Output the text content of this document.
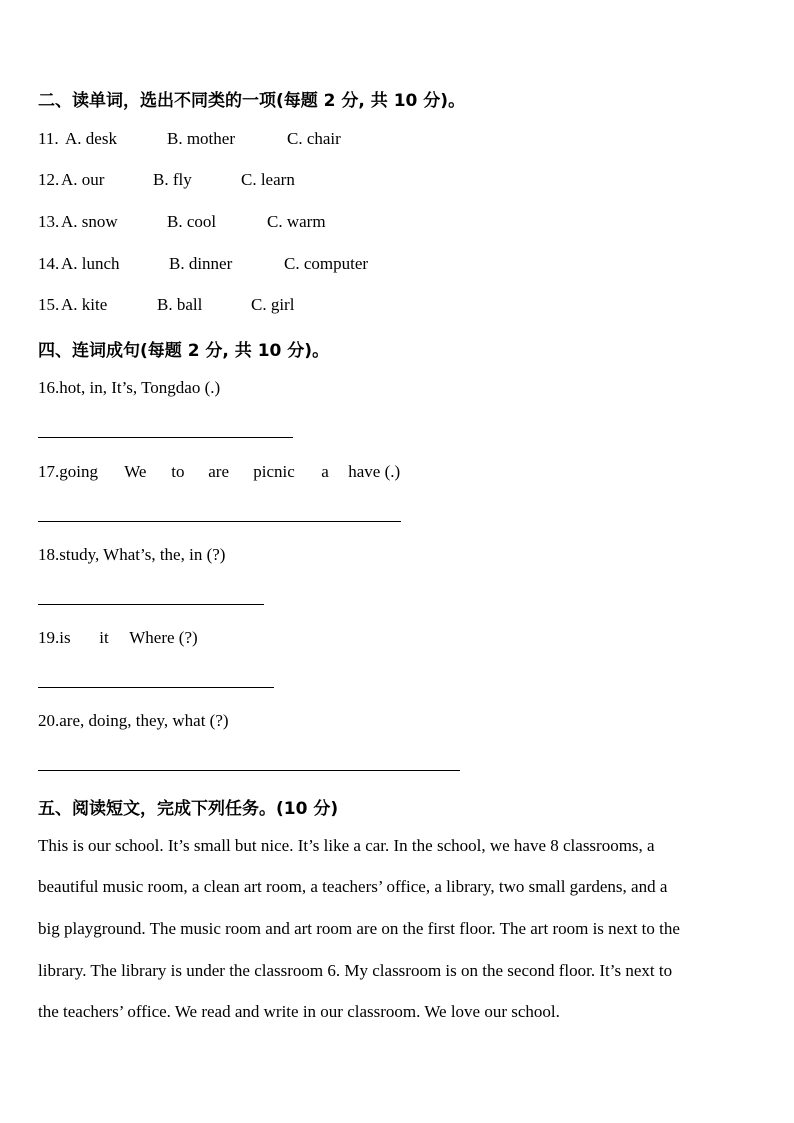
二、读单词，选出不同类的一项(每题 2 分, 共 10 分)。
11. A. desk	B. mother	C. chair
12. A. our	B. fly	C. learn
13. A. snow	B. cool	C. warm
14. A. lunch	B. dinner	C. computer
15. A. kite	B. ball	C. girl
四、连词成句(每题 2 分, 共 10 分)。
16.hot, in, It’s, Tongdao (.)
17.going We to are picnic a have (.)
18.study, What’s, the, in (?)
19.is it Where (?)
20.are, doing, they, what (?)
五、阅读短文，完成下列任务。(10 分)
This is our school. It’s small but nice. It’s like a car. In the school, we have 8 classrooms, a
beautiful music room, a clean art room, a teachers’ office, a library, two small gardens, and a
big playground. The music room and art room are on the first floor. The art room is next to the
library. The library is under the classroom 6. My classroom is on the second floor. It’s next to
the teachers’ office. We read and write in our classroom. We love our school.
